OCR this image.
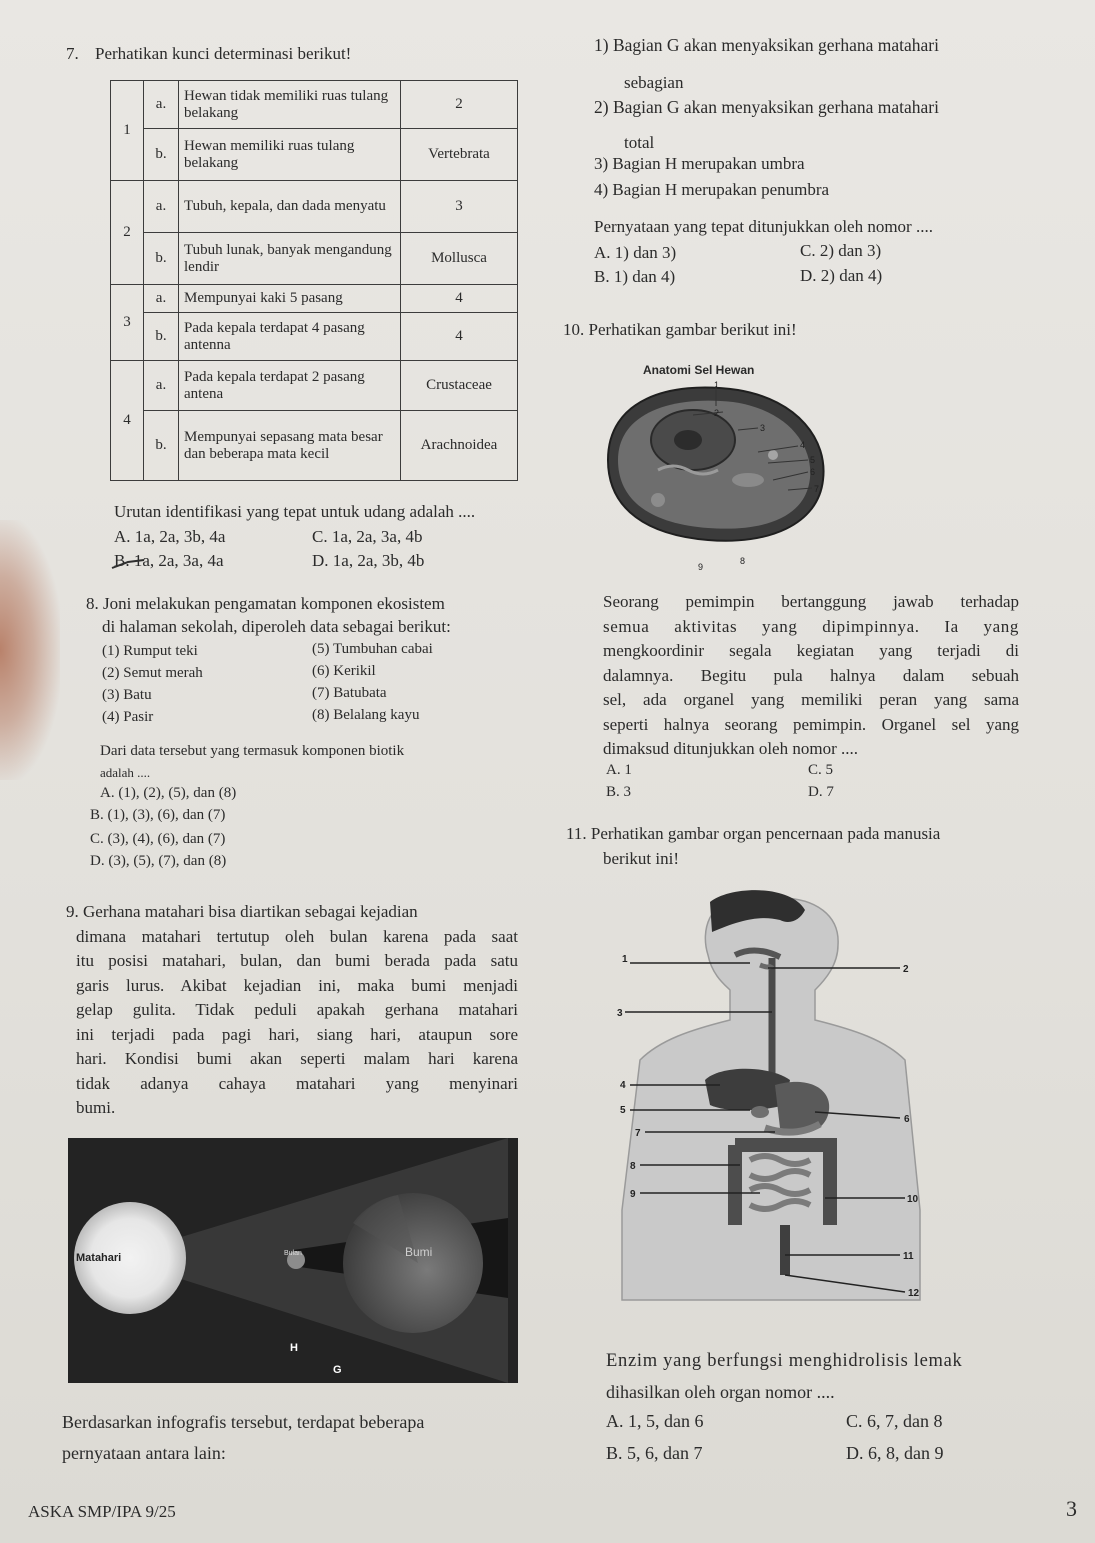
7. Perhatikan kunci determinasi berikut!
1	a.	Hewan tidak memiliki ruas tulang belakang	2
	b.	Hewan memiliki ruas tulang belakang	Vertebrata
2	a.	Tubuh, kepala, dan dada menyatu	3
	b.	Tubuh lunak, banyak mengandung lendir	Mollusca
3	a.	Mempunyai kaki 5 pasang	4
	b.	Pada kepala terdapat 4 pasang antenna	4
4	a.	Pada kepala terdapat 2 pasang antena	Crustaceae
	b.	Mempunyai sepasang mata besar dan beberapa mata kecil	Arachnoidea
Urutan identifikasi yang tepat untuk udang adalah ....
A. 1a, 2a, 3b, 4a	C. 1a, 2a, 3a, 4b
B. 1a, 2a, 3a, 4a	D. 1a, 2a, 3b, 4b
8. Joni melakukan pengamatan komponen ekosistem
di halaman sekolah, diperoleh data sebagai berikut:
(1) Rumput teki
(2) Semut merah
(3) Batu
(4) Pasir
(5) Tumbuhan cabai
(6) Kerikil
(7) Batubata
(8) Belalang kayu
Dari data tersebut yang termasuk komponen biotik
adalah ....
A. (1), (2), (5), dan (8)
B. (1), (3), (6), dan (7)
C. (3), (4), (6), dan (7)
D. (3), (5), (7), dan (8)
9. Gerhana matahari bisa diartikan sebagai kejadian
dimana matahari tertutup oleh bulan karena pada saat
itu posisi matahari, bulan, dan bumi berada pada satu
garis lurus. Akibat kejadian ini, maka bumi menjadi
gelap gulita. Tidak peduli apakah gerhana matahari
ini terjadi pada pagi hari, siang hari, ataupun sore
hari. Kondisi bumi akan seperti malam hari karena
tidak adanya cahaya matahari yang menyinari
bumi.
Matahari	Bulan	Bumi
H
G
Berdasarkan infografis tersebut, terdapat beberapa
pernyataan antara lain:
1) Bagian G akan menyaksikan gerhana matahari
sebagian
2) Bagian G akan menyaksikan gerhana matahari
total
3) Bagian H merupakan umbra
4) Bagian H merupakan penumbra
Pernyataan yang tepat ditunjukkan oleh nomor ....
A. 1) dan 3)	C. 2) dan 3)
B. 1) dan 4)	D. 2) dan 4)
10. Perhatikan gambar berikut ini!
Anatomi Sel Hewan
1
2
3
4
5
6
7
8
9
Seorang pemimpin bertanggung jawab terhadap
semua aktivitas yang dipimpinnya. Ia yang
mengkoordinir segala kegiatan yang terjadi di
dalamnya. Begitu pula halnya dalam sebuah
sel, ada organel yang memiliki peran yang sama
seperti halnya seorang pemimpin. Organel sel yang
dimaksud ditunjukkan oleh nomor ....
A. 1	C. 5
B. 3	D. 7
11. Perhatikan gambar organ pencernaan pada manusia
berikut ini!
1
2
3
4
5
6
7
8
9	10
11
12
Enzim yang berfungsi menghidrolisis lemak
dihasilkan oleh organ nomor ....
A. 1, 5, dan 6	C. 6, 7, dan 8
B. 5, 6, dan 7	D. 6, 8, dan 9
ASKA SMP/IPA 9/25	3
